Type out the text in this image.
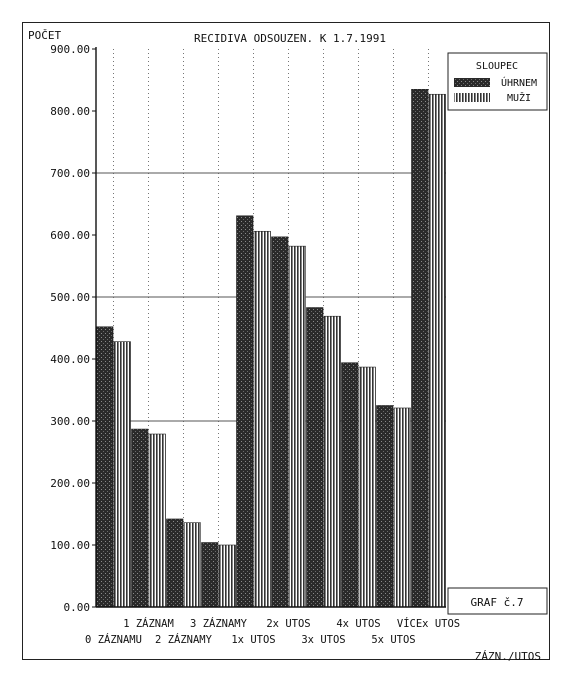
RECIDIVA ODSOUZEN. K 1.7.1991
POČET
ZÁZN./UTOS
0.00
100.00
200.00
300.00
400.00
500.00
600.00
700.00
800.00
900.00
0 ZÁZNAMU
1 ZÁZNAM
2 ZÁZNAMY
3 ZÁZNAMY
1x UTOS
2x UTOS
3x UTOS
4x UTOS
5x UTOS
VÍCEx UTOS
SLOUPEC
ÚHRNEM
MUŽI
GRAF č.7
